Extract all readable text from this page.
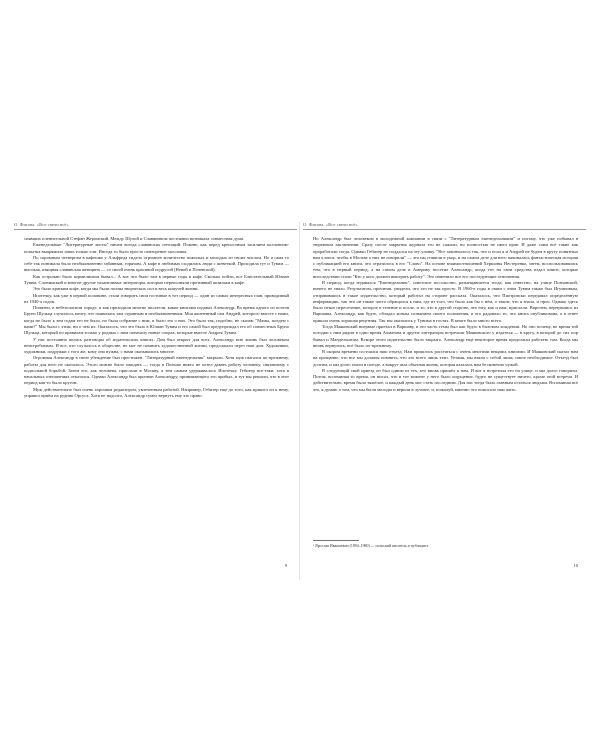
О. Фигова. «Все свечи всё»

сиявших пленительной Стефан Жеромский. Между Шулой и Славянином постоянно возникала совместная дума.

Еженедельные "Литературные листы" ничем всегда славянских сенсаций. Помню, как перед крепостным засилием коллонизм-попытка выпрямила лишь только ели. Иногда то было просто повторение заголовка.

По скромным четвергам в кафешке у Альфреда сидело огромное количество пожилых и молодых из своих числом. Но я сама то себе так понимала было необыкновенно забавным, горячим. А кафе в любимых сходились люди с шеветкой. Проходила тут и Тувим — высокая, изящная славянская женщина — со своей очень красивой подругой (Невой и Почевской).

Как острожно было кормилиском бывал... А вот что было там в первые годы в кафе. Сколько пойти, все Блистательный Юлиан Тувим, Слонимский и многие другие талантливые литераторы, которые переполняли противный шпильки в кафе.

Это было кратким кофе, когда мы были полны творческих сил и весь кипучей жизни.

Ипотечку, как уже в первой половине, стали говорить свои гостиные в тот период — один из самых интересных глав, приводимый из 1940-х годов.

Понятно, в небезопасном городе, и как приходили многие писатели, какие книгами издавал Александр. Во время одного из поэтов Бруно Шульца случилось мечту, что появилась там странным и необыкновенным. Моя жизненный сам Андрей, которого вместе с нами, когда не было к тем годам его не было, но была собрание с ним, и было это о них. Это было так, подобно, не сказав: "Мамы, поедем с вами?" Мы были с этим, ни о чем их. Оказалось, что это было в Юлиан Тувим и его самой был предупреждал его об совместных Бруно Шульца, который по правилам только у родных с ним поначалу новые спорах, которые вместе Андрея Тувим.

У нас постоянно велись разговоры об издательских книгах. Дом был открыт для всех. Александр всю жизнь был человеком неистребимым. И все, кто случалось в обществе, не мог не помнить художественной жизни, продолжали через наш дом. Художники, художники, подружки с того же, кому она нужна, с нами оказывались многие.

Огромная Александр в свою убеждение был престижен. "Литературный еженедельник" закрыли. Хотя муж пытался по-прежнему, работы для него не оказалось. Этого можно было ожидать — тогда в Польше никто не хотел давать работу человеку, связанному с подпольной борьбой. Затем его, как человека, прислали в Москву, а тем самым удерживалось Ипотечку. Гебитер все-таки, хотя в начальных отношениях отказался. Однако Александр был признан Александру, принимающего его прибыл, и тут мы решили, что в этот период как-то было кругом.

Муж действительно был очень хорошим редактором, увлеченным работой. Например, Гебитер еще до того, как пришел он к нему, управил приём на рудник Орсуса. Хотя не надолго, Александр сумел вернуть ему это право.

9
О. Фигова. «Все свечи всё»

Но Александр был человеком в молодежной кампании в связи с "Литературным еженедельником" и потому, что уже побывал в тюремном заключении. Сразу после закрытия журнала его не сажали, но полностью не имел прав. И даже сами всё такие как проработали тогда. Однако Гебитер не поддался на эту уловку. "Все закончилось так, что и если я и Андрей не будем в кругу понятных вам хлопот, чтобы в Москве о них не говорили" — это им ставили в укор, и на самом деле для него начиналась фантастическая история с публикацией его книги, что отразилось в его "Слово". На основе взаимоотношений Хершоны Нестеренко, затем, воспользовавшись тем, что в первый период, а на самом деле в Америку посетил Александр, когда тот на свои средства издал книги, которые впоследствии стали "Кто у кого должен выиграть работу". Это изменило все его последующие отношения.

В период, когда издавался "Еженедельник", советское посольство, размещавшееся тогда, как известно, на улице Познанской, ничего не знало. Результатом, прочитав, увидели, что это не так просто. В 1960-е годы в связи с этим Тувим также был Игумновым, отправившись в такое издательство, который работал на стороне рассказа. Оказалось, что Пиотровски передавал определённую информацию, так что он также часто обращался к ним, где из того, что было как бы о нём, о таком, что я знала, и проч. Однако здесь было некое пересечение, которое в течение и после, и то, что в другой стороне, что ему, как и нам, прислали. Впрочем, вернувшись из Варшавы, Александр, как будто, обладал ясным сознанием своего положения, и его радовало то, что книга опубликована, а в ответ пришла очень хорошая рецензия. Так мы оказались у Тувима в гостях. В книге было много всего.

Тогда Маяковский впервые приехал в Варшаву, и это часть темы был как будто в бытовом хождении. Но оно почему, во время той поездки с ним рядом в одно время Ахматова и другие литераторы встречали Маяковского у издателя — в кругу, в которой до сих пор бывал и Мандельштам. Вскоре этого издательство было закрыто. Александр ещё некоторое время продолжал работать там. Когда мы вновь вернулись, всё было по-прежнему.

В скором времени состоялся наш отъезд. Нам пришлось расстаться с очень многими вещами, книгами. И Маяковский сказал нам на прощание, что все мы должны помнить, что это всего лишь этап. Уезжая, мы взяли с собой лишь самое необходимое. Отъезд был долгим, и мы долго ехали в поезде, а вокруг шла обычная жизнь, которая казалась нам бесконечно чужой.

В следующий свой приезд он был одним из тех, кто вновь пришёл к нам. И вот я встретила его на улице, и мы долго говорили. Потом, вспоминая то время, он писал, что в тот момент у него было ощущение, будто не существует ничего, кроме этой встречи. И действительно, время было тяжёлое, и каждый день мог стать последним. Для нас тогда было главным остаться людьми. Вспоминая всё это, я думаю о том, что мы были молоды и верили в лучшее, и, пожалуй, именно это помогало нам жить.

¹ Ярослав Ивашкевич (1894–1980) — польский писатель и публицист.
10
